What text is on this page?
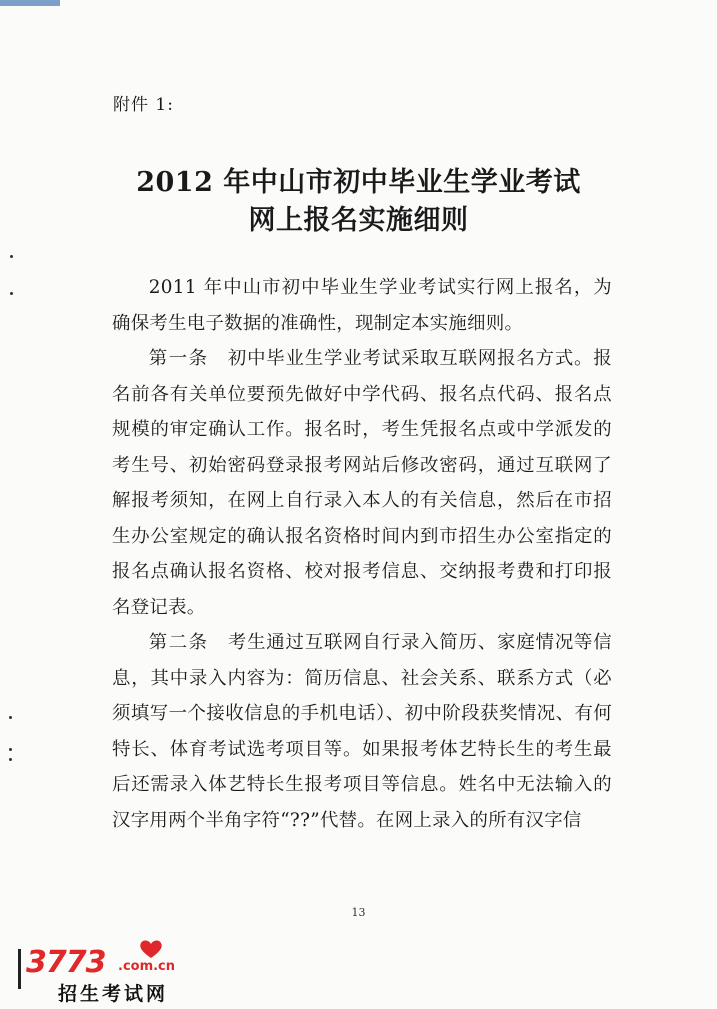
附件 1:
2012 年中山市初中毕业生学业考试
网上报名实施细则

2011 年中山市初中毕业生学业考试实行网上报名，为确保考生电子数据的准确性，现制定本实施细则。

第一条　初中毕业生学业考试采取互联网报名方式。报名前各有关单位要预先做好中学代码、报名点代码、报名点规模的审定确认工作。报名时，考生凭报名点或中学派发的考生号、初始密码登录报考网站后修改密码，通过互联网了解报考须知，在网上自行录入本人的有关信息，然后在市招生办公室规定的确认报名资格时间内到市招生办公室指定的报名点确认报名资格、校对报考信息、交纳报考费和打印报名登记表。

第二条　考生通过互联网自行录入简历、家庭情况等信息，其中录入内容为：简历信息、社会关系、联系方式（必须填写一个接收信息的手机电话）、初中阶段获奖情况、有何特长、体育考试选考项目等。如果报考体艺特长生的考生最后还需录入体艺特长生报考项目等信息。姓名中无法输入的汉字用两个半角字符“??”代替。在网上录入的所有汉字信

13
3773 .com.cn
招生考试网
